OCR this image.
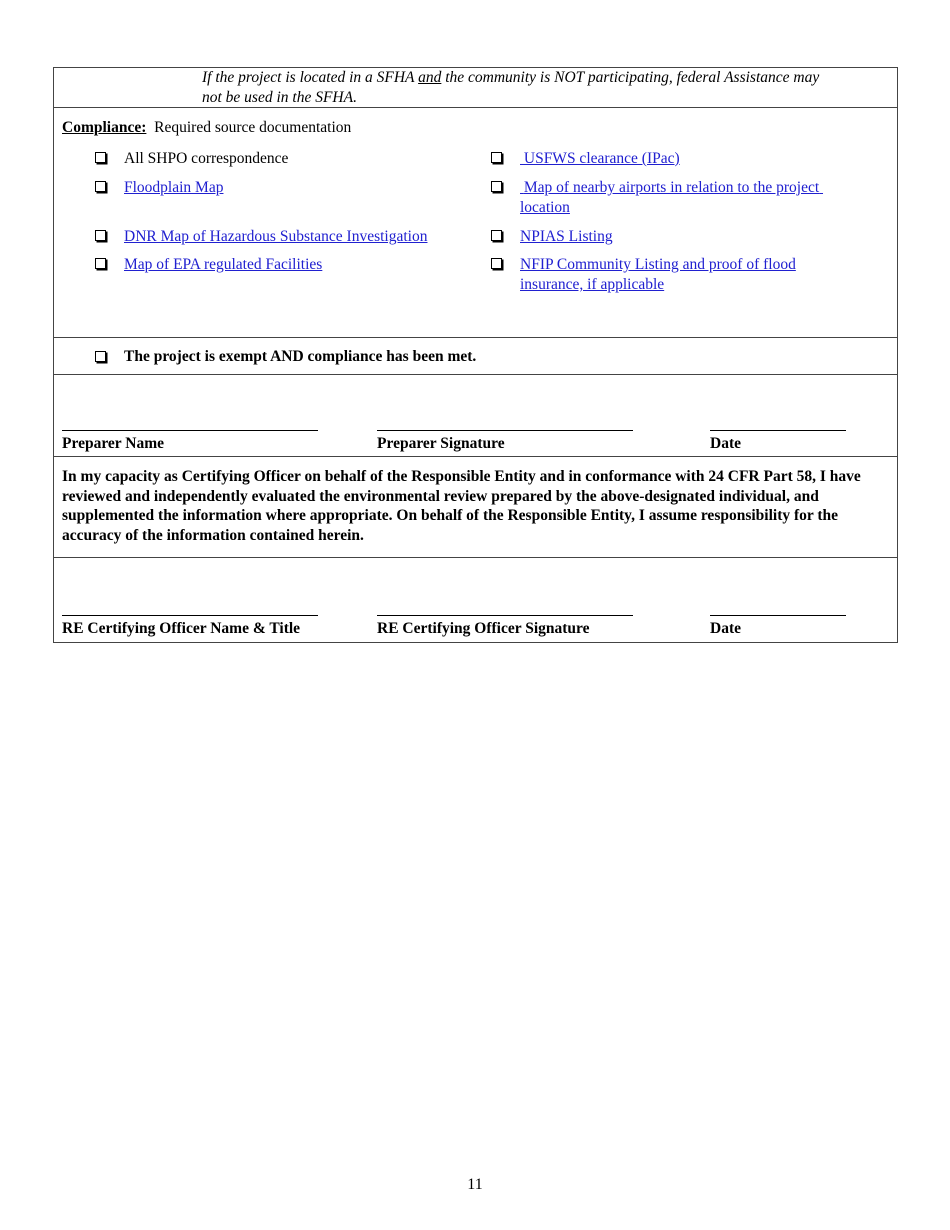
If the project is located in a SFHA and the community is NOT participating, federal Assistance may not be used in the SFHA.

Compliance: Required source documentation
All SHPO correspondence
Floodplain Map
DNR Map of Hazardous Substance Investigation
Map of EPA regulated Facilities
USFWS clearance (IPac)
Map of nearby airports in relation to the project location
NPIAS Listing
NFIP Community Listing and proof of flood insurance, if applicable
The project is exempt AND compliance has been met.
Preparer Name	Preparer Signature	Date

In my capacity as Certifying Officer on behalf of the Responsible Entity and in conformance with 24 CFR Part 58, I have reviewed and independently evaluated the environmental review prepared by the above-designated individual, and supplemented the information where appropriate. On behalf of the Responsible Entity, I assume responsibility for the accuracy of the information contained herein.

RE Certifying Officer Name & Title	RE Certifying Officer Signature	Date
11
